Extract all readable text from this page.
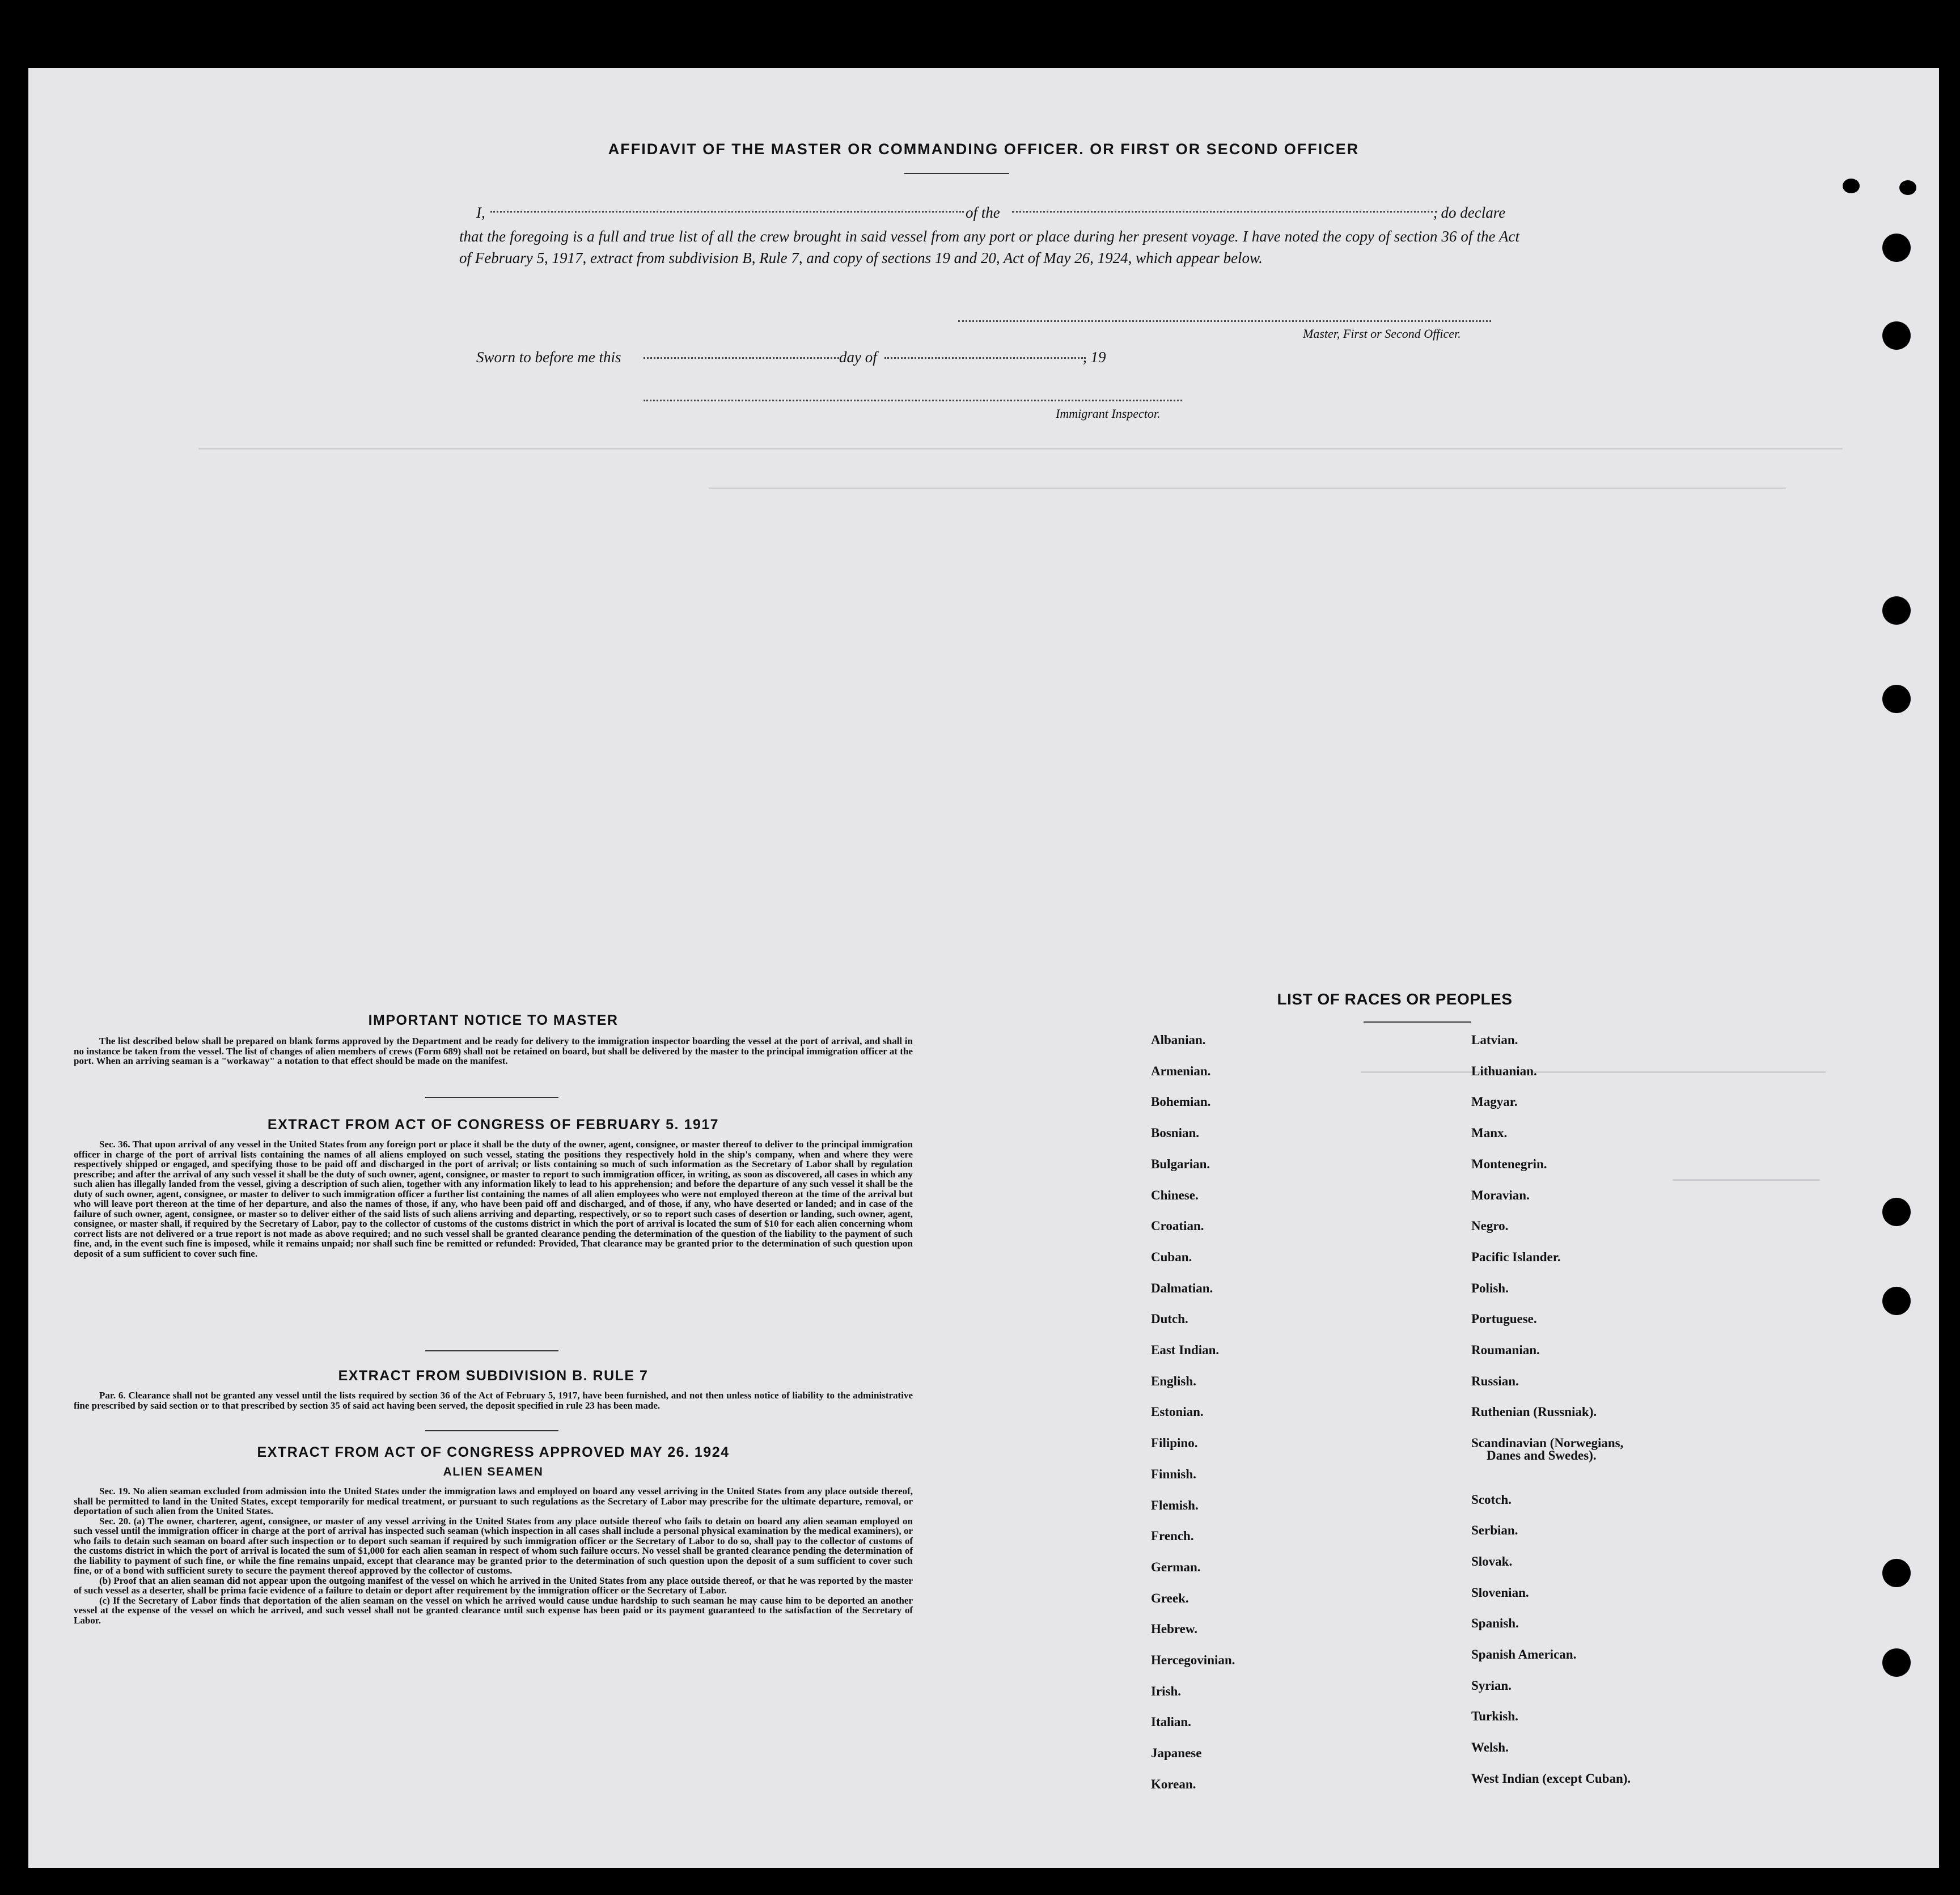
AFFIDAVIT OF THE MASTER OR COMMANDING OFFICER. OR FIRST OR SECOND OFFICER
I,	of the	, do declare
that the foregoing is a full and true list of all the crew brought in said vessel from any port or place during her present voyage. I have noted the copy of section 36 of the Act of February 5, 1917, extract from subdivision B, Rule 7, and copy of sections 19 and 20, Act of May 26, 1924, which appear below.
Master, First or Second Officer.
Sworn to before me this	day of	, 19
Immigrant Inspector.
IMPORTANT NOTICE TO MASTER

The list described below shall be prepared on blank forms approved by the Department and be ready for delivery to the immigration inspector boarding the vessel at the port of arrival, and shall in no instance be taken from the vessel. The list of changes of alien members of crews (Form 689) shall not be retained on board, but shall be delivered by the master to the principal immigration officer at the port. When an arriving seaman is a "workaway" a notation to that effect should be made on the manifest.

EXTRACT FROM ACT OF CONGRESS OF FEBRUARY 5. 1917

Sec. 36. That upon arrival of any vessel in the United States from any foreign port or place it shall be the duty of the owner, agent, consignee, or master thereof to deliver to the principal immigration officer in charge of the port of arrival lists containing the names of all aliens employed on such vessel, stating the positions they respectively hold in the ship's company, when and where they were respectively shipped or engaged, and specifying those to be paid off and discharged in the port of arrival; or lists containing so much of such information as the Secretary of Labor shall by regulation prescribe; and after the arrival of any such vessel it shall be the duty of such owner, agent, consignee, or master to report to such immigration officer, in writing, as soon as discovered, all cases in which any such alien has illegally landed from the vessel, giving a description of such alien, together with any information likely to lead to his apprehension; and before the departure of any such vessel it shall be the duty of such owner, agent, consignee, or master to deliver to such immigration officer a further list containing the names of all alien employees who were not employed thereon at the time of the arrival but who will leave port thereon at the time of her departure, and also the names of those, if any, who have been paid off and discharged, and of those, if any, who have deserted or landed; and in case of the failure of such owner, agent, consignee, or master so to deliver either of the said lists of such aliens arriving and departing, respectively, or so to report such cases of desertion or landing, such owner, agent, consignee, or master shall, if required by the Secretary of Labor, pay to the collector of customs of the customs district in which the port of arrival is located the sum of $10 for each alien concerning whom correct lists are not delivered or a true report is not made as above required; and no such vessel shall be granted clearance pending the determination of the question of the liability to the payment of such fine, and, in the event such fine is imposed, while it remains unpaid; nor shall such fine be remitted or refunded: Provided, That clearance may be granted prior to the determination of such question upon deposit of a sum sufficient to cover such fine.

EXTRACT FROM SUBDIVISION B. RULE 7

Par. 6. Clearance shall not be granted any vessel until the lists required by section 36 of the Act of February 5, 1917, have been furnished, and not then unless notice of liability to the administrative fine prescribed by said section or to that prescribed by section 35 of said act having been served, the deposit specified in rule 23 has been made.

EXTRACT FROM ACT OF CONGRESS APPROVED MAY 26. 1924
ALIEN SEAMEN

Sec. 19. No alien seaman excluded from admission into the United States under the immigration laws and employed on board any vessel arriving in the United States from any place outside thereof, shall be permitted to land in the United States, except temporarily for medical treatment, or pursuant to such regulations as the Secretary of Labor may prescribe for the ultimate departure, removal, or deportation of such alien from the United States.

Sec. 20. (a) The owner, charterer, agent, consignee, or master of any vessel arriving in the United States from any place outside thereof who fails to detain on board any alien seaman employed on such vessel until the immigration officer in charge at the port of arrival has inspected such seaman (which inspection in all cases shall include a personal physical examination by the medical examiners), or who fails to detain such seaman on board after such inspection or to deport such seaman if required by such immigration officer or the Secretary of Labor to do so, shall pay to the collector of customs of the customs district in which the port of arrival is located the sum of $1,000 for each alien seaman in respect of whom such failure occurs. No vessel shall be granted clearance pending the determination of the liability to payment of such fine, or while the fine remains unpaid, except that clearance may be granted prior to the determination of such question upon the deposit of a sum sufficient to cover such fine, or of a bond with sufficient surety to secure the payment thereof approved by the collector of customs.

(b) Proof that an alien seaman did not appear upon the outgoing manifest of the vessel on which he arrived in the United States from any place outside thereof, or that he was reported by the master of such vessel as a deserter, shall be prima facie evidence of a failure to detain or deport after requirement by the immigration officer or the Secretary of Labor.

(c) If the Secretary of Labor finds that deportation of the alien seaman on the vessel on which he arrived would cause undue hardship to such seaman he may cause him to be deported an another vessel at the expense of the vessel on which he arrived, and such vessel shall not be granted clearance until such expense has been paid or its payment guaranteed to the satisfaction of the Secretary of Labor.

LIST OF RACES OR PEOPLES
Albanian.
Armenian.
Bohemian.
Bosnian.
Bulgarian.
Chinese.
Croatian.
Cuban.
Dalmatian.
Dutch.
East Indian.
English.
Estonian.
Filipino.
Finnish.
Flemish.
French.
German.
Greek.
Hebrew.
Hercegovinian.
Irish.
Italian.
Japanese
Korean.
Latvian.
Lithuanian.
Magyar.
Manx.
Montenegrin.
Moravian.
Negro.
Pacific Islander.
Polish.
Portuguese.
Roumanian.
Russian.
Ruthenian (Russniak).
Scandinavian (Norwegians,
Danes and Swedes).
Scotch.
Serbian.
Slovak.
Slovenian.
Spanish.
Spanish American.
Syrian.
Turkish.
Welsh.
West Indian (except Cuban).
